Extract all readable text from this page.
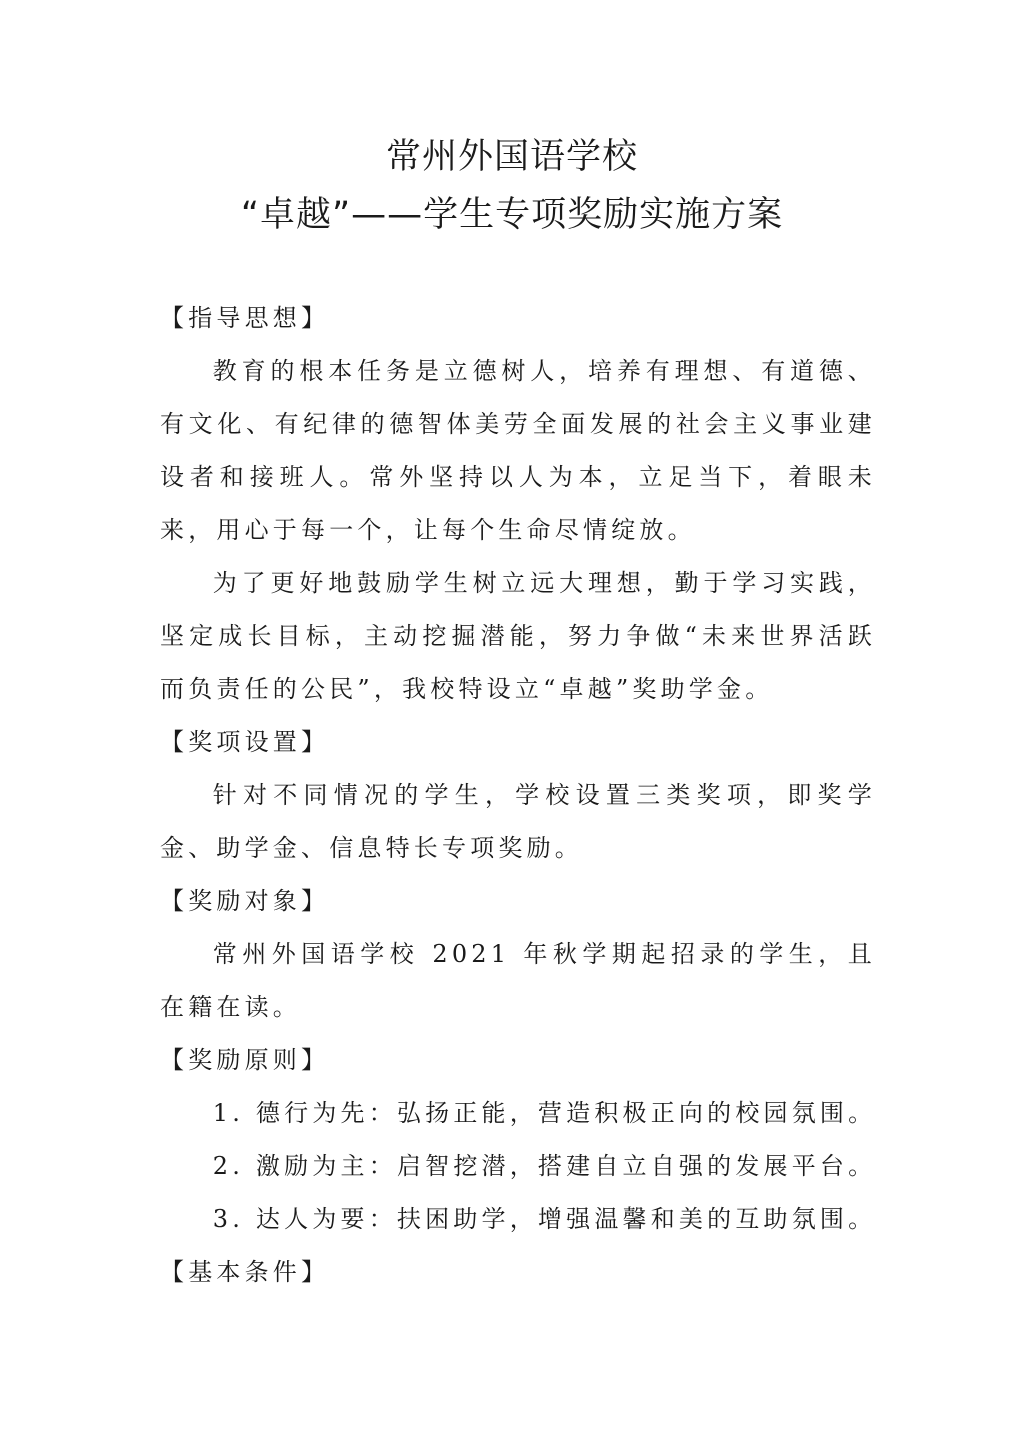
常州外国语学校
“卓越”——学生专项奖励实施方案
【指导思想】

教育的根本任务是立德树人，培养有理想、有道德、有文化、有纪律的德智体美劳全面发展的社会主义事业建设者和接班人。常外坚持以人为本，立足当下，着眼未来，用心于每一个，让每个生命尽情绽放。

为了更好地鼓励学生树立远大理想，勤于学习实践，坚定成长目标，主动挖掘潜能，努力争做“未来世界活跃而负责任的公民”，我校特设立“卓越”奖助学金。

【奖项设置】

针对不同情况的学生，学校设置三类奖项，即奖学金、助学金、信息特长专项奖励。

【奖励对象】

常州外国语学校 2021 年秋学期起招录的学生，且在籍在读。

【奖励原则】
1. 德行为先：弘扬正能，营造积极正向的校园氛围。
2. 激励为主：启智挖潜，搭建自立自强的发展平台。
3. 达人为要：扶困助学，增强温馨和美的互助氛围。
【基本条件】
